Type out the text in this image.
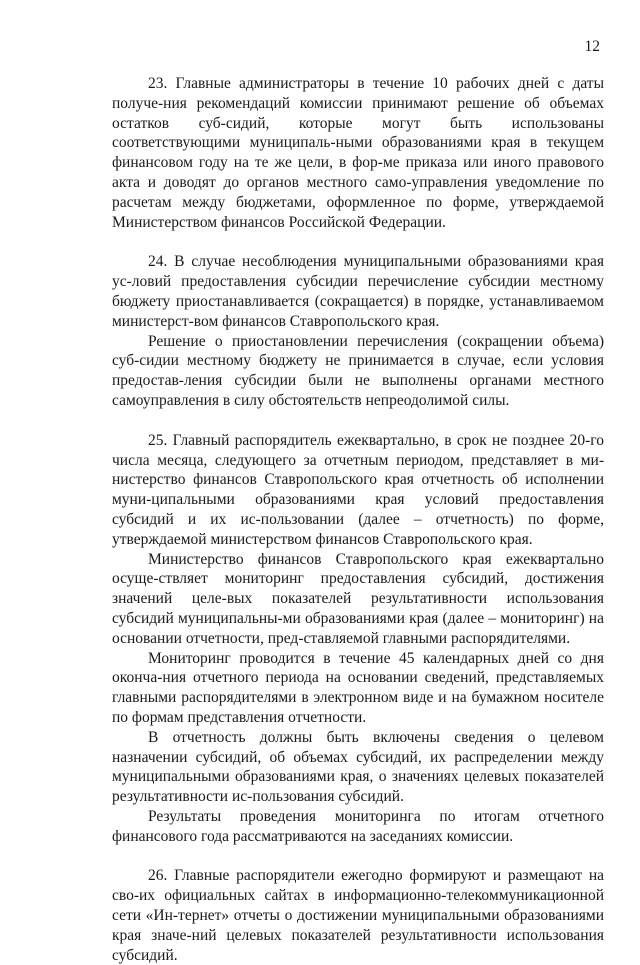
12

23. Главные администраторы в течение 10 рабочих дней с даты получе-ния рекомендаций комиссии принимают решение об объемах остатков суб-сидий, которые могут быть использованы соответствующими муниципаль-ными образованиями края в текущем финансовом году на те же цели, в фор-ме приказа или иного правового акта и доводят до органов местного само-управления уведомление по расчетам между бюджетами, оформленное по форме, утверждаемой Министерством финансов Российской Федерации.

24. В случае несоблюдения муниципальными образованиями края ус-ловий предоставления субсидии перечисление субсидии местному бюджету приостанавливается (сокращается) в порядке, устанавливаемом министерст-вом финансов Ставропольского края.

Решение о приостановлении перечисления (сокращении объема) суб-сидии местному бюджету не принимается в случае, если условия предостав-ления субсидии были не выполнены органами местного самоуправления в силу обстоятельств непреодолимой силы.

25. Главный распорядитель ежеквартально, в срок не позднее 20-го числа месяца, следующего за отчетным периодом, представляет в ми-нистерство финансов Ставропольского края отчетность об исполнении муни-ципальными образованиями края условий предоставления субсидий и их ис-пользовании (далее – отчетность) по форме, утверждаемой министерством финансов Ставропольского края.

Министерство финансов Ставропольского края ежеквартально осуще-ствляет мониторинг предоставления субсидий, достижения значений целе-вых показателей результативности использования субсидий муниципальны-ми образованиями края (далее – мониторинг) на основании отчетности, пред-ставляемой главными распорядителями.

Мониторинг проводится в течение 45 календарных дней со дня оконча-ния отчетного периода на основании сведений, представляемых главными распорядителями в электронном виде и на бумажном носителе по формам представления отчетности.

В отчетность должны быть включены сведения о целевом назначении субсидий, об объемах субсидий, их распределении между муниципальными образованиями края, о значениях целевых показателей результативности ис-пользования субсидий.

Результаты проведения мониторинга по итогам отчетного финансового года рассматриваются на заседаниях комиссии.

26. Главные распорядители ежегодно формируют и размещают на сво-их официальных сайтах в информационно-телекоммуникационной сети «Ин-тернет» отчеты о достижении муниципальными образованиями края значе-ний целевых показателей результативности использования субсидий.
